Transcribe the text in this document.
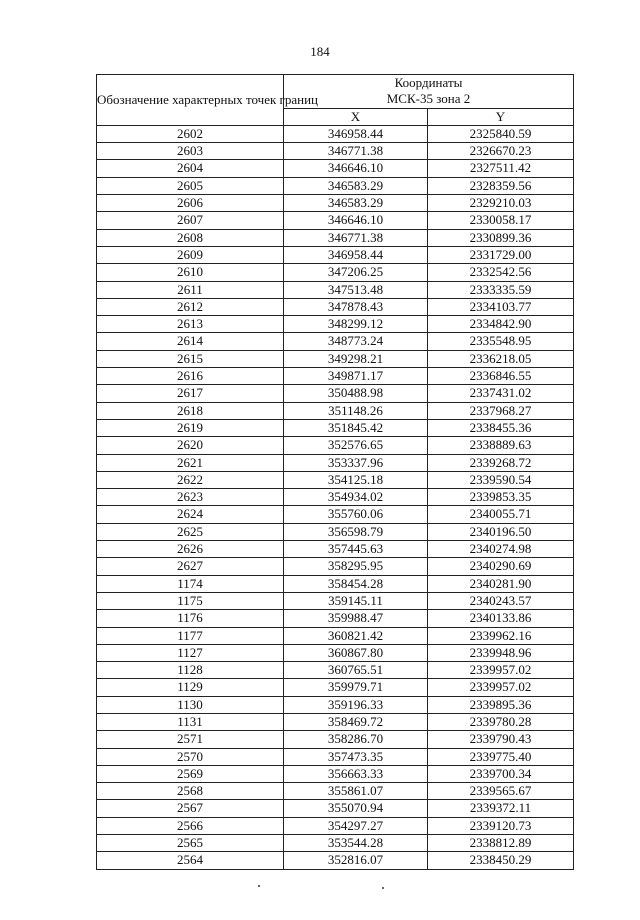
184
Обозначение характерных точек границ	Координаты
МСК-35 зона 2	

	X	Y
2602	346958.44	2325840.59
2603	346771.38	2326670.23
2604	346646.10	2327511.42
2605	346583.29	2328359.56
2606	346583.29	2329210.03
2607	346646.10	2330058.17
2608	346771.38	2330899.36
2609	346958.44	2331729.00
2610	347206.25	2332542.56
2611	347513.48	2333335.59
2612	347878.43	2334103.77
2613	348299.12	2334842.90
2614	348773.24	2335548.95
2615	349298.21	2336218.05
2616	349871.17	2336846.55
2617	350488.98	2337431.02
2618	351148.26	2337968.27
2619	351845.42	2338455.36
2620	352576.65	2338889.63
2621	353337.96	2339268.72
2622	354125.18	2339590.54
2623	354934.02	2339853.35
2624	355760.06	2340055.71
2625	356598.79	2340196.50
2626	357445.63	2340274.98
2627	358295.95	2340290.69
1174	358454.28	2340281.90
1175	359145.11	2340243.57
1176	359988.47	2340133.86
1177	360821.42	2339962.16
1127	360867.80	2339948.96
1128	360765.51	2339957.02
1129	359979.71	2339957.02
1130	359196.33	2339895.36
1131	358469.72	2339780.28
2571	358286.70	2339790.43
2570	357473.35	2339775.40
2569	356663.33	2339700.34
2568	355861.07	2339565.67
2567	355070.94	2339372.11
2566	354297.27	2339120.73
2565	353544.28	2338812.89
2564	352816.07	2338450.29
